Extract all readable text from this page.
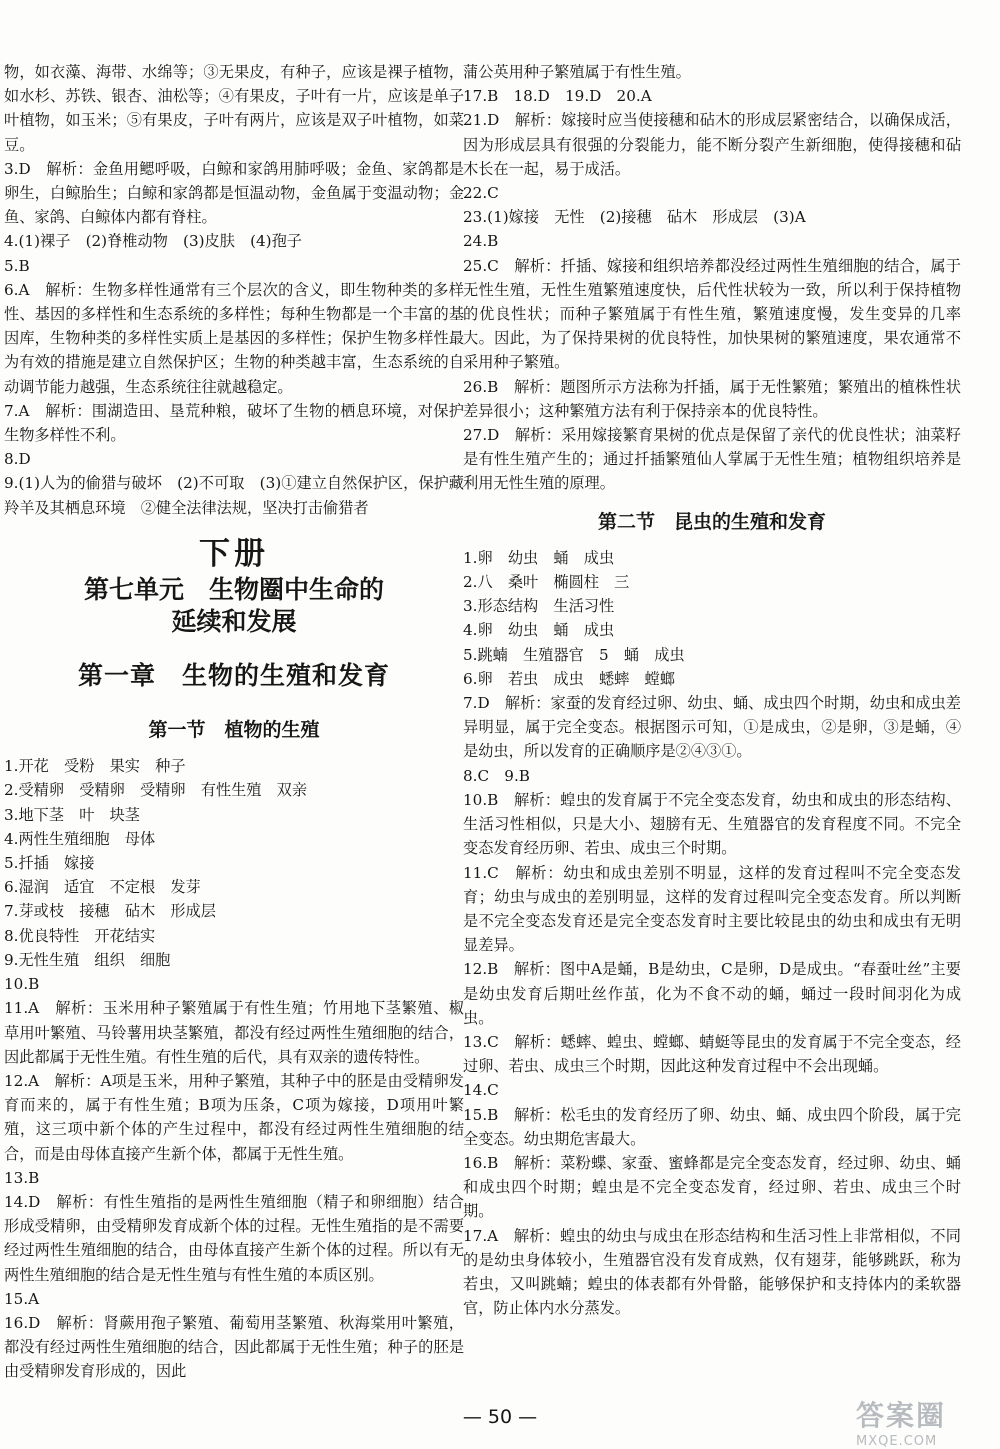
物，如衣藻、海带、水绵等；③无果皮，有种子，应该是裸子植物，如水杉、苏铁、银杏、油松等；④有果皮，子叶有一片，应该是单子叶植物，如玉米；⑤有果皮，子叶有两片，应该是双子叶植物，如菜豆。
3.D　解析：金鱼用鳃呼吸，白鲸和家鸽用肺呼吸；金鱼、家鸽都是卵生，白鲸胎生；白鲸和家鸽都是恒温动物，金鱼属于变温动物；金鱼、家鸽、白鲸体内都有脊柱。
4.(1)裸子　(2)脊椎动物　(3)皮肤　(4)孢子
5.B
6.A　解析：生物多样性通常有三个层次的含义，即生物种类的多样性、基因的多样性和生态系统的多样性；每种生物都是一个丰富的基因库，生物种类的多样性实质上是基因的多样性；保护生物多样性最为有效的措施是建立自然保护区；生物的种类越丰富，生态系统的自动调节能力越强，生态系统往往就越稳定。
7.A　解析：围湖造田、垦荒种粮，破坏了生物的栖息环境，对保护生物多样性不利。
8.D
9.(1)人为的偷猎与破坏　(2)不可取　(3)①建立自然保护区，保护藏羚羊及其栖息环境　②健全法律法规，坚决打击偷猎者
下册
第七单元　生物圈中生命的
延续和发展
第一章　生物的生殖和发育
第一节　植物的生殖
1.开花　受粉　果实　种子
2.受精卵　受精卵　受精卵　有性生殖　双亲
3.地下茎　叶　块茎
4.两性生殖细胞　母体
5.扦插　嫁接
6.湿润　适宜　不定根　发芽
7.芽或枝　接穗　砧木　形成层
8.优良特性　开花结实
9.无性生殖　组织　细胞
10.B
11.A　解析：玉米用种子繁殖属于有性生殖；竹用地下茎繁殖、椒草用叶繁殖、马铃薯用块茎繁殖，都没有经过两性生殖细胞的结合，因此都属于无性生殖。有性生殖的后代，具有双亲的遗传特性。
12.A　解析：A项是玉米，用种子繁殖，其种子中的胚是由受精卵发育而来的，属于有性生殖；B项为压条，C项为嫁接，D项用叶繁殖，这三项中新个体的产生过程中，都没有经过两性生殖细胞的结合，而是由母体直接产生新个体，都属于无性生殖。
13.B
14.D　解析：有性生殖指的是两性生殖细胞（精子和卵细胞）结合形成受精卵，由受精卵发育成新个体的过程。无性生殖指的是不需要经过两性生殖细胞的结合，由母体直接产生新个体的过程。所以有无两性生殖细胞的结合是无性生殖与有性生殖的本质区别。
15.A
16.D　解析：肾蕨用孢子繁殖、葡萄用茎繁殖、秋海棠用叶繁殖，都没有经过两性生殖细胞的结合，因此都属于无性生殖；种子的胚是由受精卵发育形成的，因此
蒲公英用种子繁殖属于有性生殖。
17.B　18.D　19.D　20.A
21.D　解析：嫁接时应当使接穗和砧木的形成层紧密结合，以确保成活，因为形成层具有很强的分裂能力，能不断分裂产生新细胞，使得接穗和砧木长在一起，易于成活。
22.C
23.(1)嫁接　无性　(2)接穗　砧木　形成层　(3)A
24.B
25.C　解析：扦插、嫁接和组织培养都没经过两性生殖细胞的结合，属于无性生殖，无性生殖繁殖速度快，后代性状较为一致，所以利于保持植物的优良性状；而种子繁殖属于有性生殖，繁殖速度慢，发生变异的几率大。因此，为了保持果树的优良特性，加快果树的繁殖速度，果农通常不采用种子繁殖。
26.B　解析：题图所示方法称为扦插，属于无性繁殖；繁殖出的植株性状差异很小；这种繁殖方法有利于保持亲本的优良特性。
27.D　解析：采用嫁接繁育果树的优点是保留了亲代的优良性状；油菜籽是有性生殖产生的；通过扦插繁殖仙人掌属于无性生殖；植物组织培养是利用无性生殖的原理。
第二节　昆虫的生殖和发育
1.卵　幼虫　蛹　成虫
2.八　桑叶　椭圆柱　三
3.形态结构　生活习性
4.卵　幼虫　蛹　成虫
5.跳蝻　生殖器官　5　蛹　成虫
6.卵　若虫　成虫　蟋蟀　螳螂
7.D　解析：家蚕的发育经过卵、幼虫、蛹、成虫四个时期，幼虫和成虫差异明显，属于完全变态。根据图示可知，①是成虫，②是卵，③是蛹，④是幼虫，所以发育的正确顺序是②④③①。
8.C　9.B
10.B　解析：蝗虫的发育属于不完全变态发育，幼虫和成虫的形态结构、生活习性相似，只是大小、翅膀有无、生殖器官的发育程度不同。不完全变态发育经历卵、若虫、成虫三个时期。
11.C　解析：幼虫和成虫差别不明显，这样的发育过程叫不完全变态发育；幼虫与成虫的差别明显，这样的发育过程叫完全变态发育。所以判断是不完全变态发育还是完全变态发育时主要比较昆虫的幼虫和成虫有无明显差异。
12.B　解析：图中A是蛹，B是幼虫，C是卵，D是成虫。“春蚕吐丝”主要是幼虫发育后期吐丝作茧，化为不食不动的蛹，蛹过一段时间羽化为成虫。
13.C　解析：蟋蟀、蝗虫、螳螂、蜻蜓等昆虫的发育属于不完全变态，经过卵、若虫、成虫三个时期，因此这种发育过程中不会出现蛹。
14.C
15.B　解析：松毛虫的发育经历了卵、幼虫、蛹、成虫四个阶段，属于完全变态。幼虫期危害最大。
16.B　解析：菜粉蝶、家蚕、蜜蜂都是完全变态发育，经过卵、幼虫、蛹和成虫四个时期；蝗虫是不完全变态发育，经过卵、若虫、成虫三个时期。
17.A　解析：蝗虫的幼虫与成虫在形态结构和生活习性上非常相似，不同的是幼虫身体较小，生殖器官没有发育成熟，仅有翅芽，能够跳跃，称为若虫，又叫跳蝻；蝗虫的体表都有外骨骼，能够保护和支持体内的柔软器官，防止体内水分蒸发。
— 50 —	答案圈
MXQE.COM
